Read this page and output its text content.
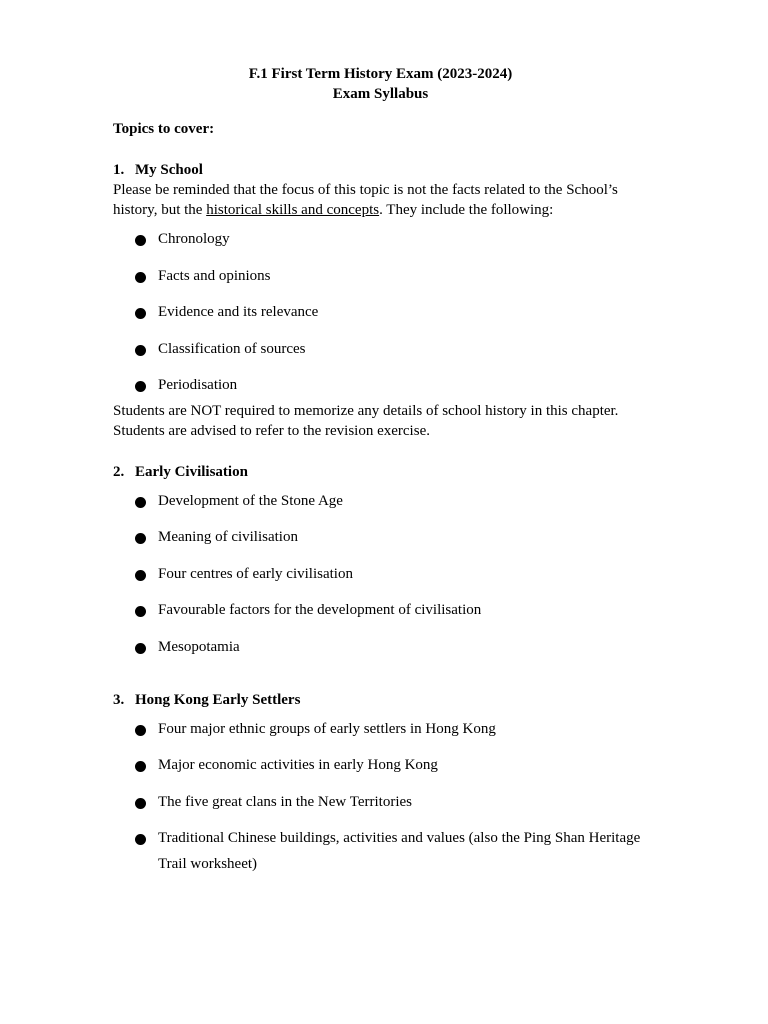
F.1 First Term History Exam (2023-2024)

Exam Syllabus

Topics to cover:

1. My School

Please be reminded that the focus of this topic is not the facts related to the School’s history, but the historical skills and concepts. They include the following:

Chronology
Facts and opinions
Evidence and its relevance
Classification of sources
Periodisation

Students are NOT required to memorize any details of school history in this chapter. Students are advised to refer to the revision exercise.

2. Early Civilisation

Development of the Stone Age
Meaning of civilisation
Four centres of early civilisation
Favourable factors for the development of civilisation
Mesopotamia

3. Hong Kong Early Settlers

Four major ethnic groups of early settlers in Hong Kong
Major economic activities in early Hong Kong
The five great clans in the New Territories
Traditional Chinese buildings, activities and values (also the Ping Shan Heritage Trail worksheet)
